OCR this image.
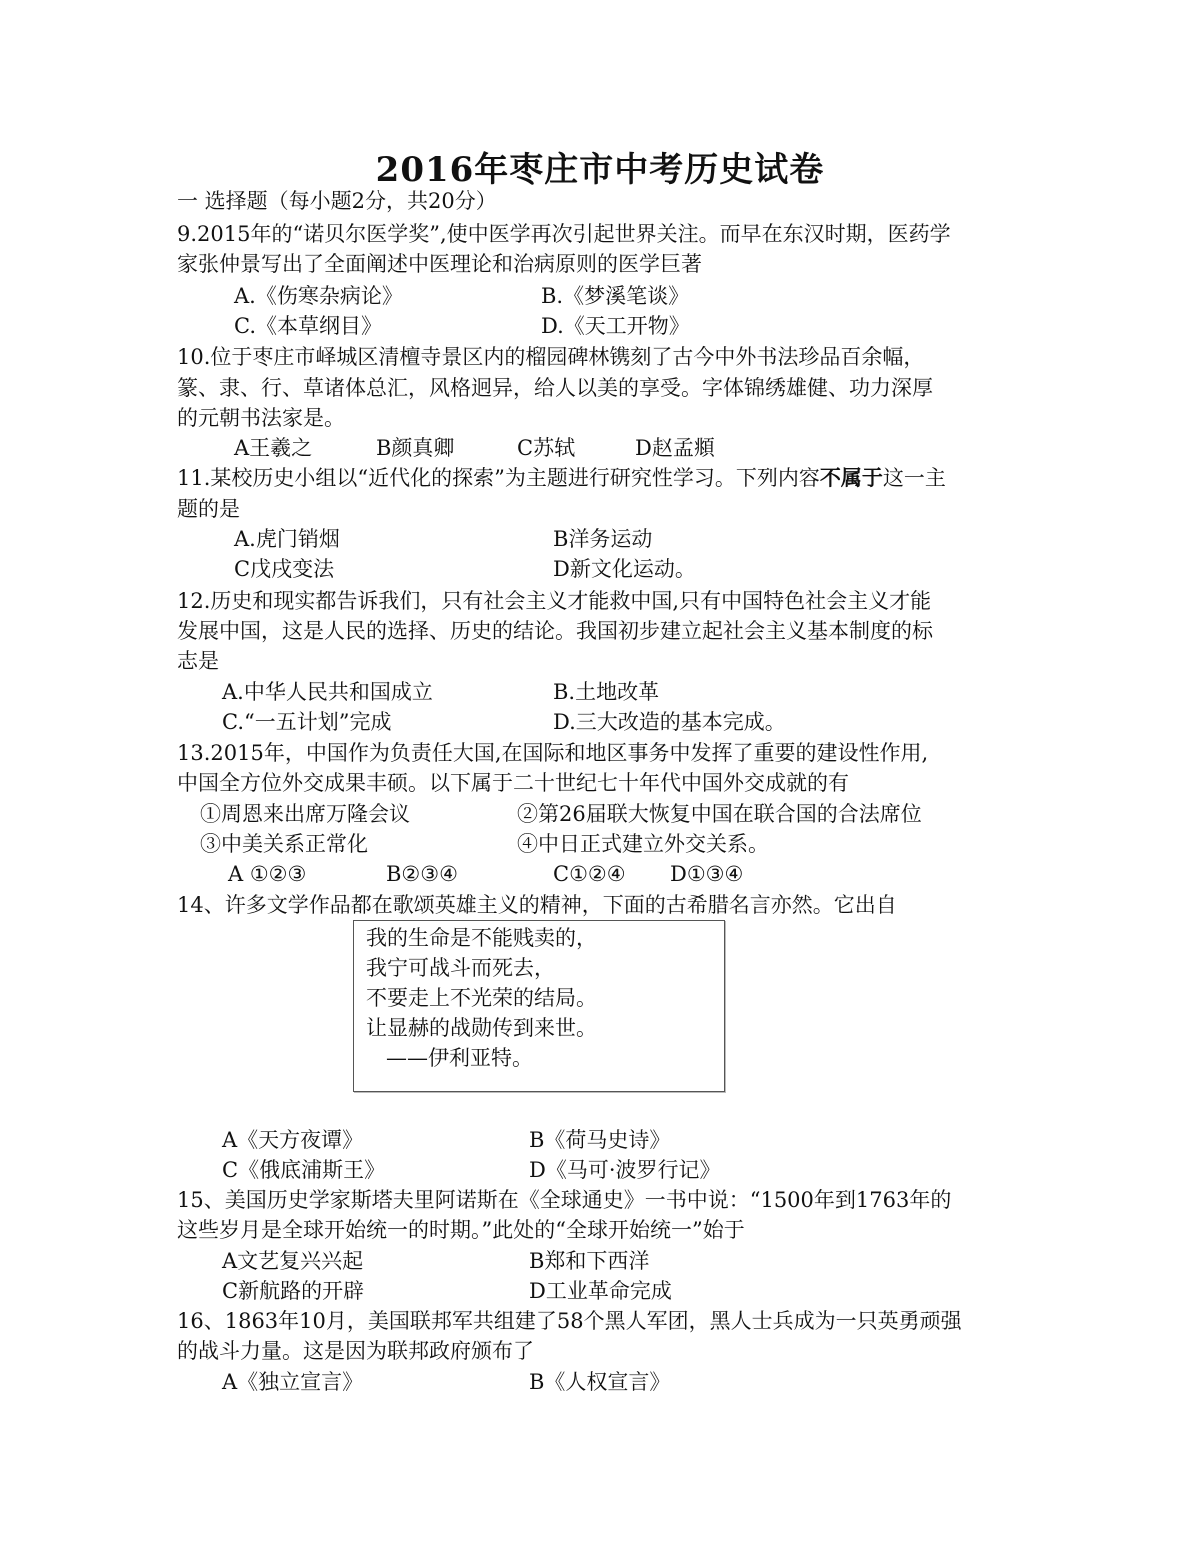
2016年枣庄市中考历史试卷
一 选择题（每小题2分，共20分）
9.2015年的“诺贝尔医学奖”,使中医学再次引起世界关注。而早在东汉时期，医药学
家张仲景写出了全面阐述中医理论和治病原则的医学巨著
A.《伤寒杂病论》	B.《梦溪笔谈》
C.《本草纲目》	D.《天工开物》
10.位于枣庄市峄城区清檀寺景区内的榴园碑林镌刻了古今中外书法珍品百余幅，
篆、隶、行、草诸体总汇，风格迥异，给人以美的享受。字体锦绣雄健、功力深厚
的元朝书法家是。
A王羲之	B颜真卿	C苏轼	D赵孟頫
11.某校历史小组以“近代化的探索”为主题进行研究性学习。下列内容不属于这一主
题的是
A.虎门销烟	B洋务运动
C戊戌变法	D新文化运动。
12.历史和现实都告诉我们，只有社会主义才能救中国,只有中国特色社会主义才能
发展中国，这是人民的选择、历史的结论。我国初步建立起社会主义基本制度的标
志是
A.中华人民共和国成立	B.土地改革
C.“一五计划”完成	D.三大改造的基本完成。
13.2015年，中国作为负责任大国,在国际和地区事务中发挥了重要的建设性作用,
中国全方位外交成果丰硕。以下属于二十世纪七十年代中国外交成就的有
①周恩来出席万隆会议	②第26届联大恢复中国在联合国的合法席位
③中美关系正常化	④中日正式建立外交关系。
A ①②③	B②③④	C①②④ D①③④
14、许多文学作品都在歌颂英雄主义的精神，下面的古希腊名言亦然。它出自
我的生命是不能贱卖的，
我宁可战斗而死去，
不要走上不光荣的结局。
让显赫的战勋传到来世。
——伊利亚特。
A《天方夜谭》	B《荷马史诗》
C《俄底浦斯王》	D《马可·波罗行记》
15、美国历史学家斯塔夫里阿诺斯在《全球通史》一书中说：“1500年到1763年的
这些岁月是全球开始统一的时期。”此处的“全球开始统一”始于
A文艺复兴兴起	B郑和下西洋
C新航路的开辟	D工业革命完成
16、1863年10月，美国联邦军共组建了58个黑人军团，黑人士兵成为一只英勇顽强
的战斗力量。这是因为联邦政府颁布了
A《独立宣言》	B《人权宣言》
